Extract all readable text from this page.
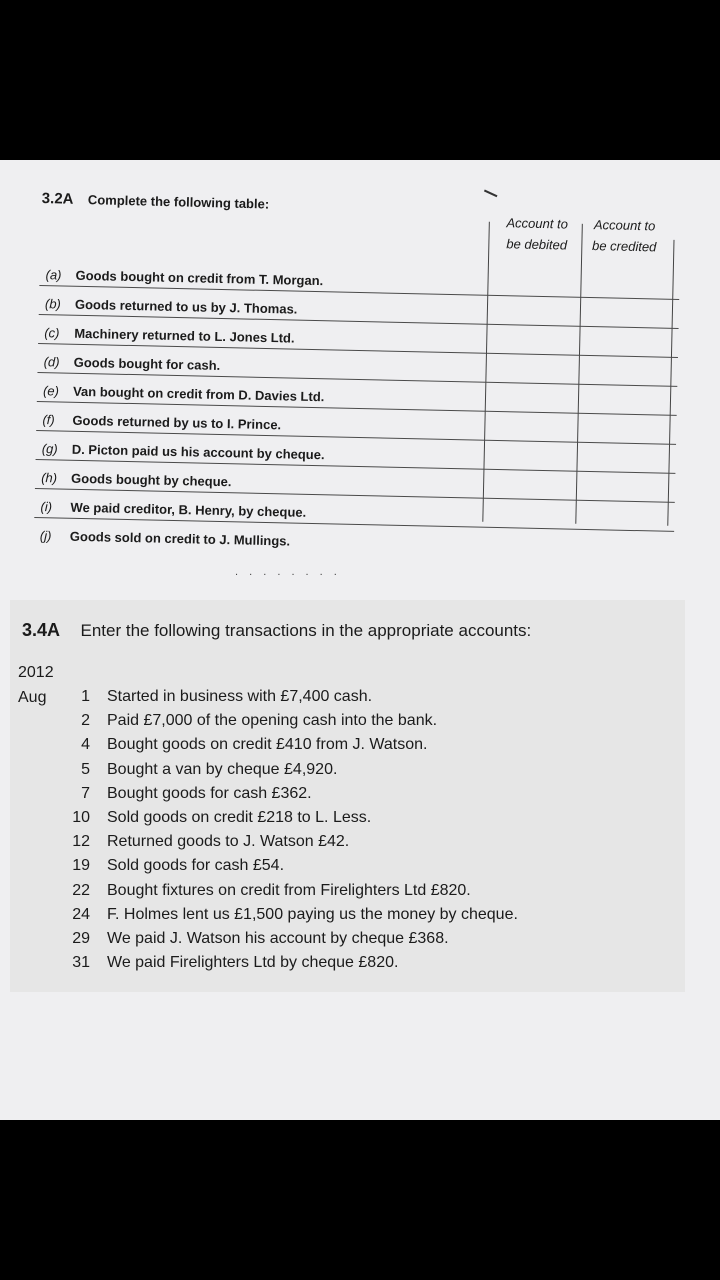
3.2A Complete the following table:
Account to
be debited
Account to
be credited
(a) Goods bought on credit from T. Morgan.
(b) Goods returned to us by J. Thomas.
(c) Machinery returned to L. Jones Ltd.
(d) Goods bought for cash.
(e) Van bought on credit from D. Davies Ltd.
(f) Goods returned by us to I. Prince.
(g) D. Picton paid us his account by cheque.
(h) Goods bought by cheque.
(i) We paid creditor, B. Henry, by cheque.
(j) Goods sold on credit to J. Mullings.
. . . . . . . .
3.4A Enter the following transactions in the appropriate accounts:
2012
Aug	1 Started in business with £7,400 cash.
2 Paid £7,000 of the opening cash into the bank.
4 Bought goods on credit £410 from J. Watson.
5 Bought a van by cheque £4,920.
7 Bought goods for cash £362.
10 Sold goods on credit £218 to L. Less.
12 Returned goods to J. Watson £42.
19 Sold goods for cash £54.
22 Bought fixtures on credit from Firelighters Ltd £820.
24 F. Holmes lent us £1,500 paying us the money by cheque.
29 We paid J. Watson his account by cheque £368.
31 We paid Firelighters Ltd by cheque £820.
